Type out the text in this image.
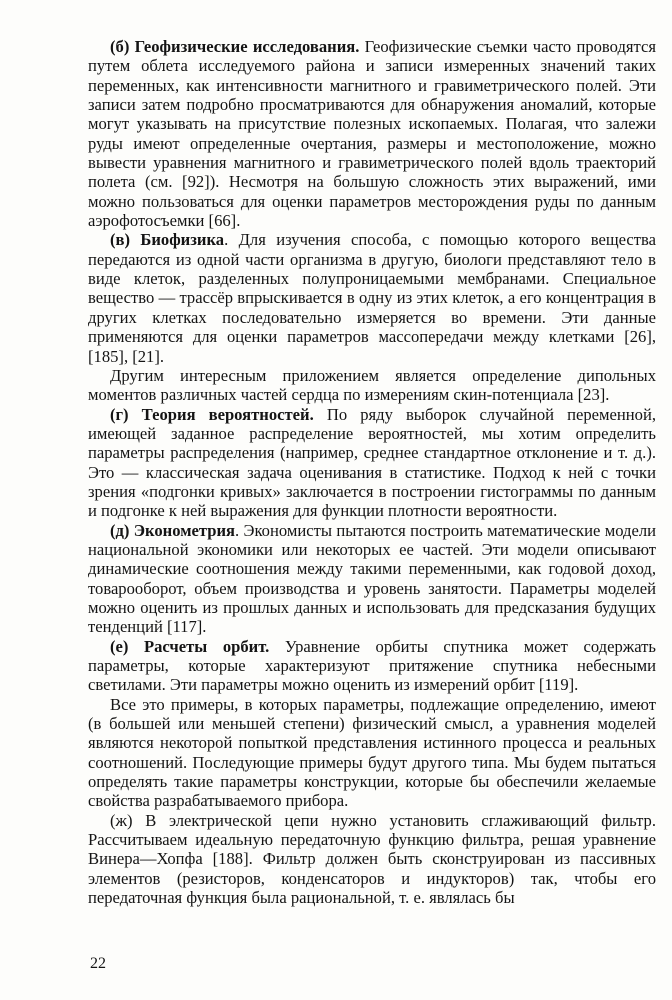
(б) Геофизические исследования. Геофизические съемки часто проводятся путем облета исследуемого района и записи измеренных значений таких переменных, как интенсивности магнитного и гравиметрического полей. Эти записи затем подробно просматриваются для обнаружения аномалий, которые могут указывать на присутствие полезных ископаемых. Полагая, что залежи руды имеют определенные очертания, размеры и местоположение, можно вывести уравнения магнитного и гравиметрического полей вдоль траекторий полета (см. [92]). Несмотря на большую сложность этих выражений, ими можно пользоваться для оценки параметров месторождения руды по данным аэрофотосъемки [66].

(в) Биофизика. Для изучения способа, с помощью которого вещества передаются из одной части организма в другую, биологи представляют тело в виде клеток, разделенных полупроницаемыми мембранами. Специальное вещество — трассёр впрыскивается в одну из этих клеток, а его концентрация в других клетках последовательно измеряется во времени. Эти данные применяются для оценки параметров массопередачи между клетками [26], [185], [21].

Другим интересным приложением является определение дипольных моментов различных частей сердца по измерениям скин-потенциала [23].

(г) Теория вероятностей. По ряду выборок случайной переменной, имеющей заданное распределение вероятностей, мы хотим определить параметры распределения (например, среднее стандартное отклонение и т. д.). Это — классическая задача оценивания в статистике. Подход к ней с точки зрения «подгонки кривых» заключается в построении гистограммы по данным и подгонке к ней выражения для функции плотности вероятности.

(д) Эконометрия. Экономисты пытаются построить математические модели национальной экономики или некоторых ее частей. Эти модели описывают динамические соотношения между такими переменными, как годовой доход, товарооборот, объем производства и уровень занятости. Параметры моделей можно оценить из прошлых данных и использовать для предсказания будущих тенденций [117].

(е) Расчеты орбит. Уравнение орбиты спутника может содержать параметры, которые характеризуют притяжение спутника небесными светилами. Эти параметры можно оценить из измерений орбит [119].

Все это примеры, в которых параметры, подлежащие определению, имеют (в большей или меньшей степени) физический смысл, а уравнения моделей являются некоторой попыткой представления истинного процесса и реальных соотношений. Последующие примеры будут другого типа. Мы будем пытаться определять такие параметры конструкции, которые бы обеспечили желаемые свойства разрабатываемого прибора.

(ж) В электрической цепи нужно установить сглаживающий фильтр. Рассчитываем идеальную передаточную функцию фильтра, решая уравнение Винера—Хопфа [188]. Фильтр должен быть сконструирован из пассивных элементов (резисторов, конденсаторов и индукторов) так, чтобы его передаточная функция была рациональной, т. е. являлась бы

22
